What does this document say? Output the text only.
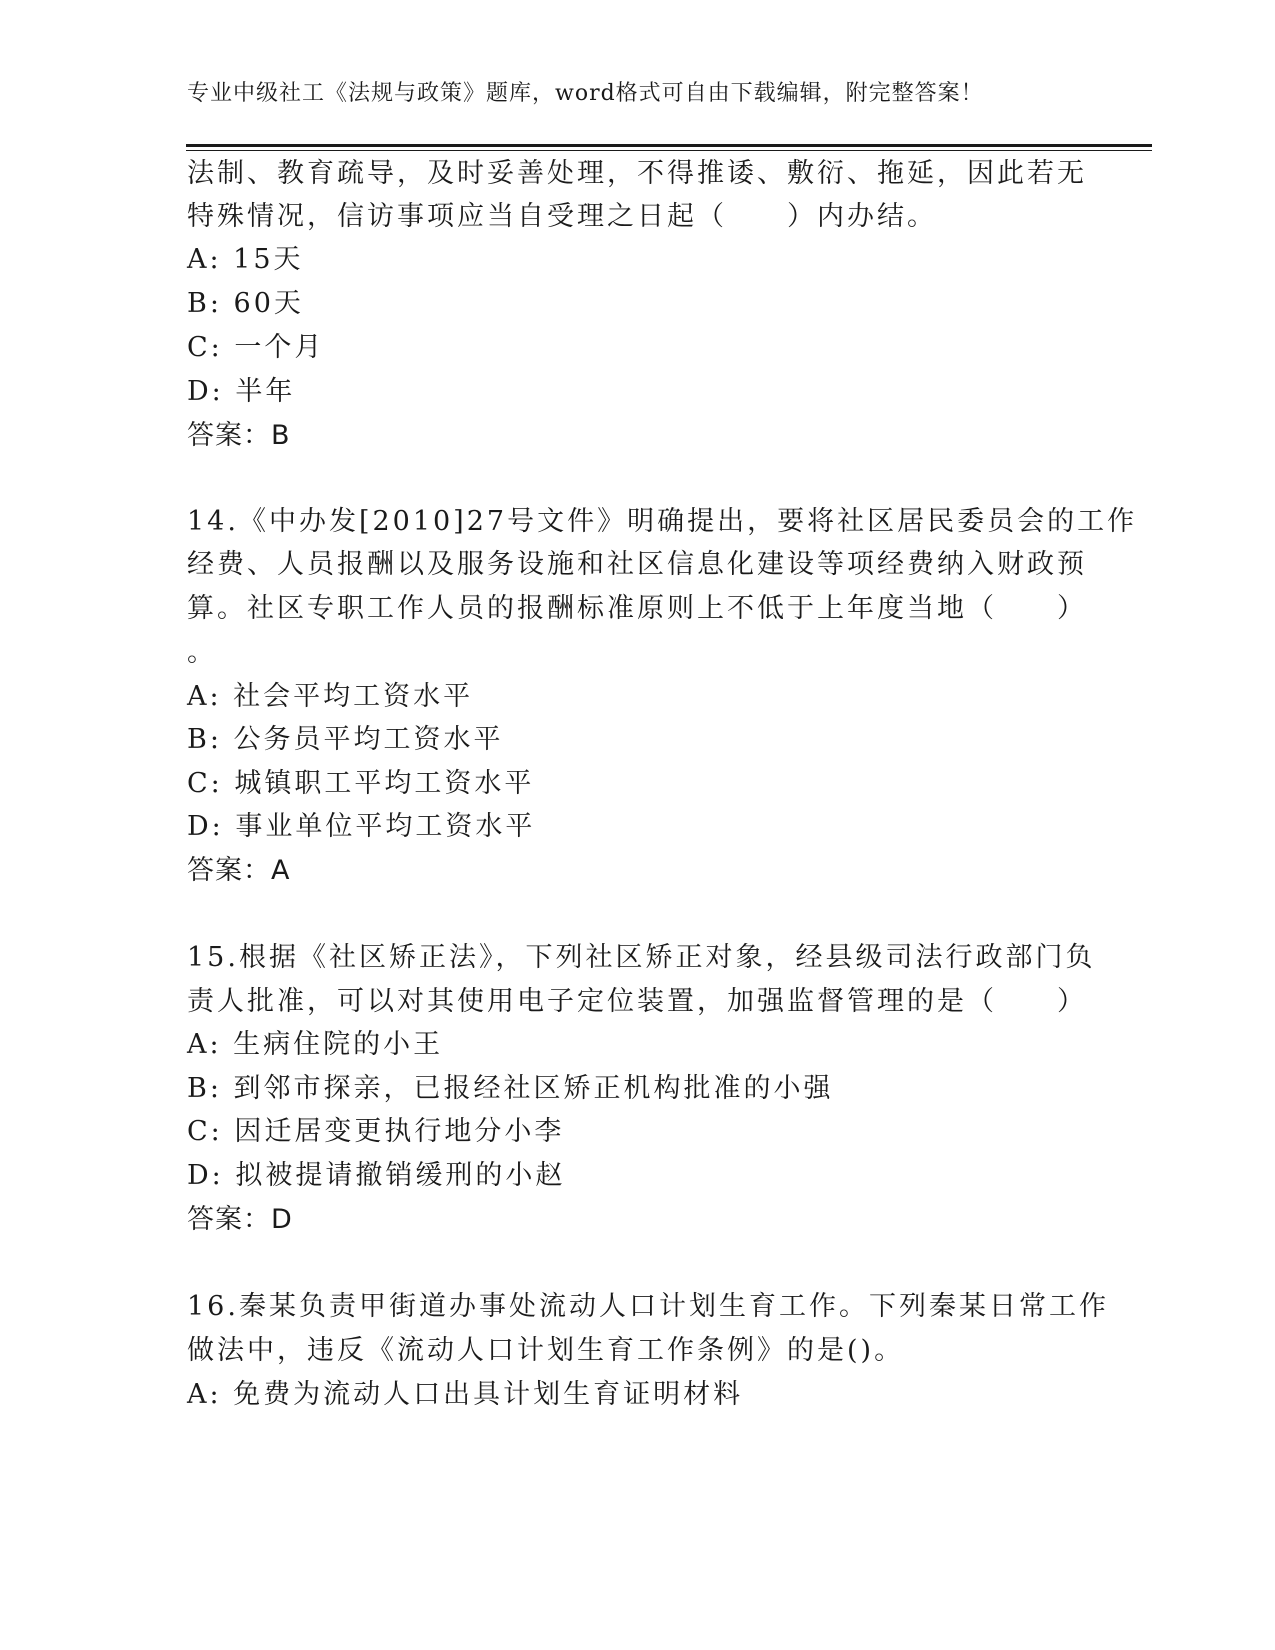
专业中级社工《法规与政策》题库，word格式可自由下载编辑，附完整答案！
法制、教育疏导，及时妥善处理，不得推诿、敷衍、拖延，因此若无
特殊情况，信访事项应当自受理之日起（　　）内办结。
A: 15天
B: 60天
C: 一个月
D: 半年
答案：B
14.《中办发[2010]27号文件》明确提出，要将社区居民委员会的工作
经费、人员报酬以及服务设施和社区信息化建设等项经费纳入财政预
算。社区专职工作人员的报酬标准原则上不低于上年度当地（　　）
。
A: 社会平均工资水平
B: 公务员平均工资水平
C: 城镇职工平均工资水平
D: 事业单位平均工资水平
答案：A
15.根据《社区矫正法》，下列社区矫正对象，经县级司法行政部门负
责人批准，可以对其使用电子定位装置，加强监督管理的是（　　）
A: 生病住院的小王
B: 到邻市探亲，已报经社区矫正机构批准的小强
C: 因迁居变更执行地分小李
D: 拟被提请撤销缓刑的小赵
答案：D
16.秦某负责甲街道办事处流动人口计划生育工作。下列秦某日常工作
做法中，违反《流动人口计划生育工作条例》的是()。
A: 免费为流动人口出具计划生育证明材料
